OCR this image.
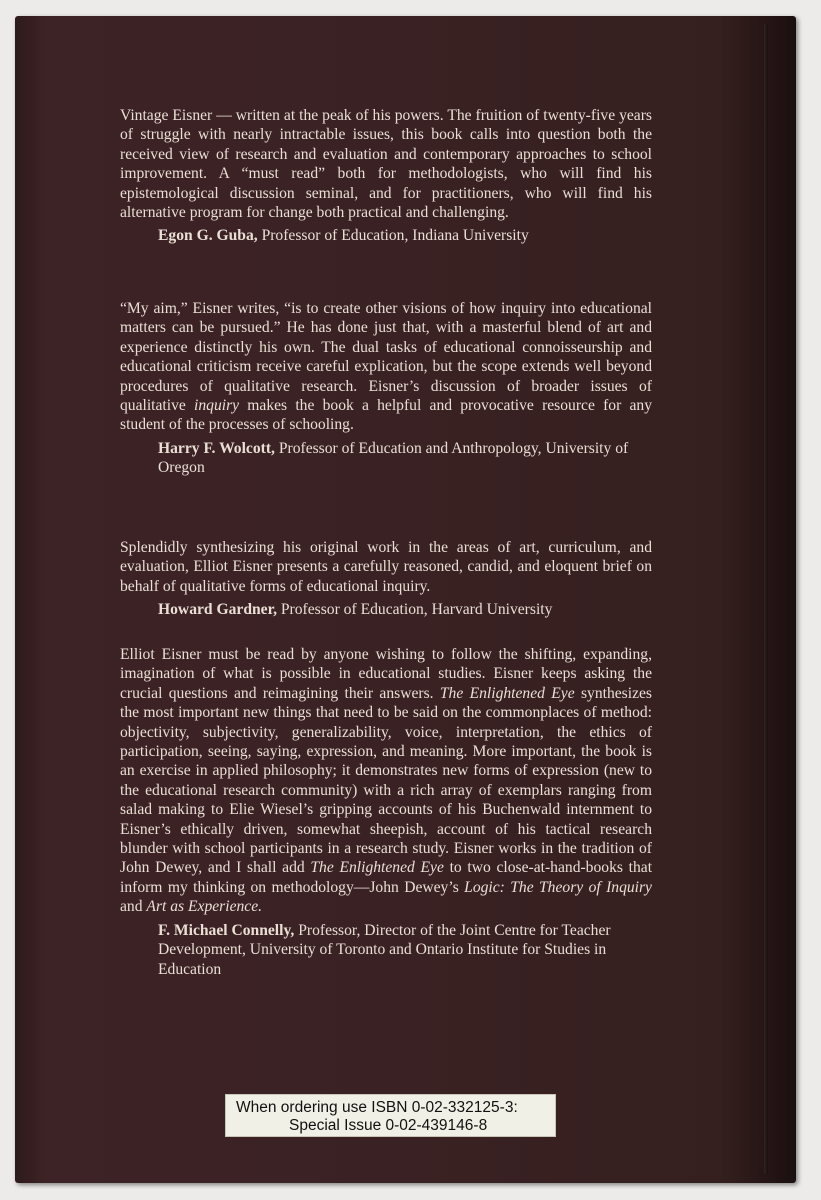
Vintage Eisner — written at the peak of his powers. The fruition of twenty-five years of struggle with nearly intractable issues, this book calls into question both the received view of research and evaluation and contemporary approaches to school improvement. A “must read” both for methodologists, who will find his epistemological discussion seminal, and for practitioners, who will find his alternative program for change both practical and challenging.

Egon G. Guba, Professor of Education, Indiana University

“My aim,” Eisner writes, “is to create other visions of how inquiry into educational matters can be pursued.” He has done just that, with a masterful blend of art and experience distinctly his own. The dual tasks of educational connoisseurship and educational criticism receive careful explication, but the scope extends well beyond procedures of qualitative research. Eisner’s discussion of broader issues of qualitative inquiry makes the book a helpful and provocative resource for any student of the processes of schooling.

Harry F. Wolcott, Professor of Education and Anthropology, University of Oregon

Splendidly synthesizing his original work in the areas of art, curriculum, and evaluation, Elliot Eisner presents a carefully reasoned, candid, and eloquent brief on behalf of qualitative forms of educational inquiry.

Howard Gardner, Professor of Education, Harvard University

Elliot Eisner must be read by anyone wishing to follow the shifting, expanding, imagination of what is possible in educational studies. Eisner keeps asking the crucial questions and reimagining their answers. The Enlightened Eye synthesizes the most important new things that need to be said on the commonplaces of method: objectivity, subjectivity, generalizability, voice, interpretation, the ethics of participation, seeing, saying, expression, and meaning. More important, the book is an exercise in applied philosophy; it demonstrates new forms of expression (new to the educational research community) with a rich array of exemplars ranging from salad making to Elie Wiesel’s gripping accounts of his Buchenwald internment to Eisner’s ethically driven, somewhat sheepish, account of his tactical research blunder with school participants in a research study. Eisner works in the tradition of John Dewey, and I shall add The Enlightened Eye to two close-at-hand-books that inform my thinking on methodology—John Dewey’s Logic: The Theory of Inquiry and Art as Experience.

F. Michael Connelly, Professor, Director of the Joint Centre for Teacher Development, University of Toronto and Ontario Institute for Studies in Education

When ordering use ISBN 0-02-332125-3:
Special Issue 0-02-439146-8
